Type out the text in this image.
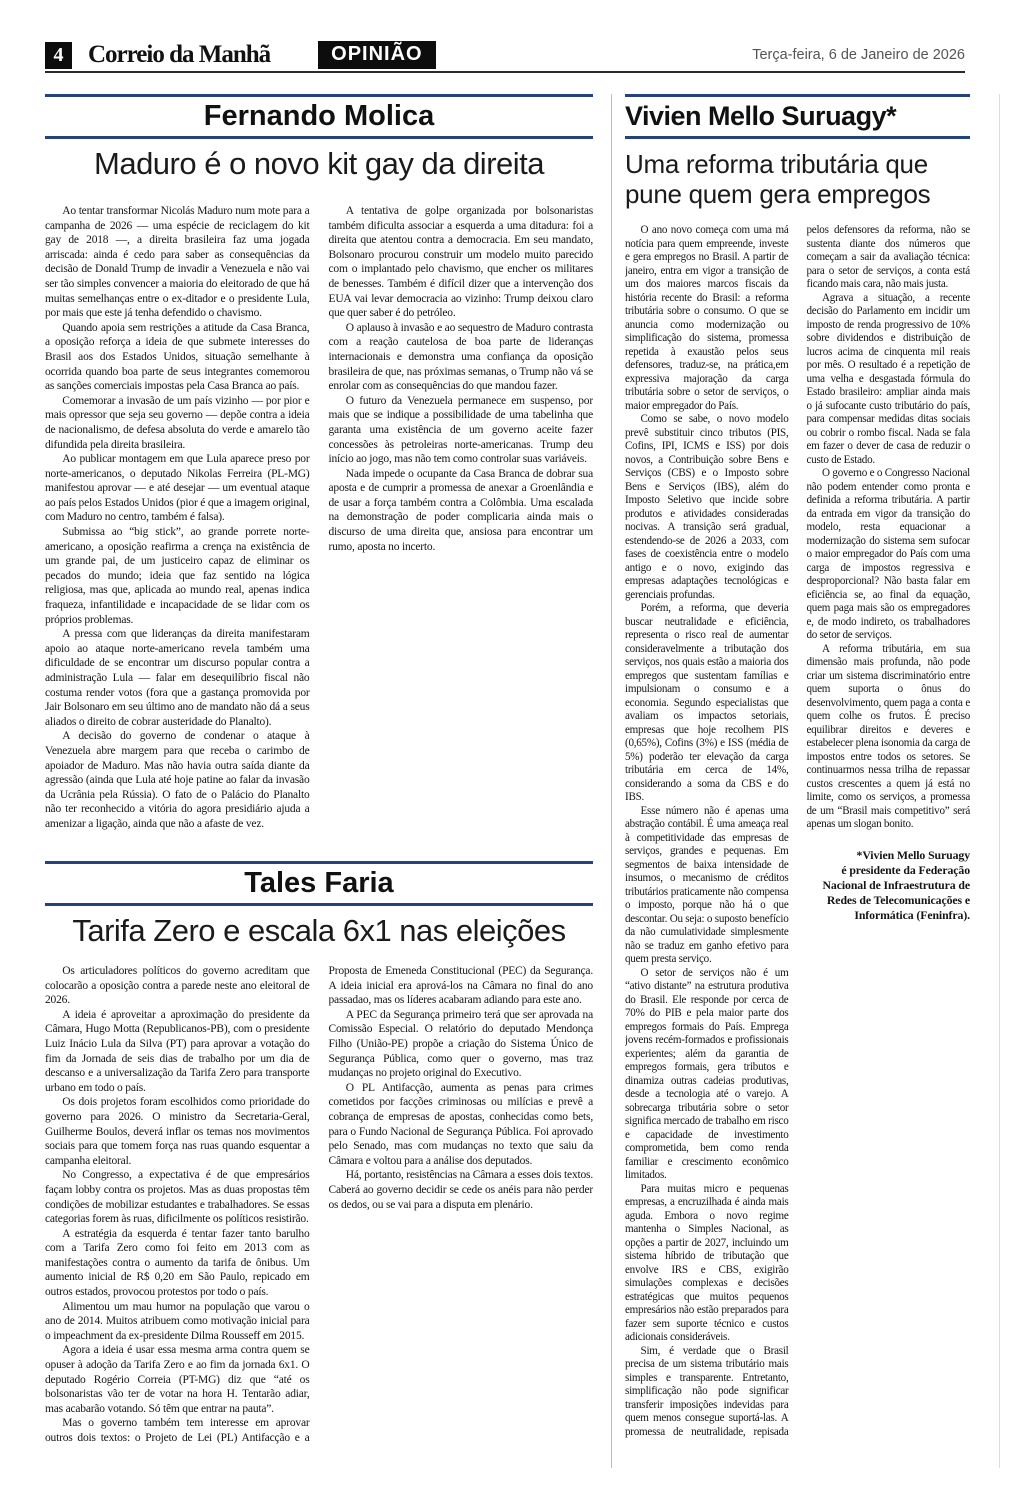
4 Correio da Manhã	OPINIÃO	Terça-feira, 6 de Janeiro de 2026
Fernando Molica
Maduro é o novo kit gay da direita

Ao tentar transformar Nicolás Maduro num mote para a campanha de 2026 — uma espécie de reciclagem do kit gay de 2018 —, a direita brasileira faz uma jogada arriscada: ainda é cedo para saber as consequências da decisão de Donald Trump de invadir a Venezuela e não vai ser tão simples convencer a maioria do eleitorado de que há muitas semelhanças entre o ex-ditador e o presidente Lula, por mais que este já tenha defendido o chavismo.

Quando apoia sem restrições a atitude da Casa Branca, a oposição reforça a ideia de que submete interesses do Brasil aos dos Estados Unidos, situação semelhante à ocorrida quando boa parte de seus integrantes comemorou as sanções comerciais impostas pela Casa Branca ao país.

Comemorar a invasão de um país vizinho — por pior e mais opressor que seja seu governo — depõe contra a ideia de nacionalismo, de defesa absoluta do verde e amarelo tão difundida pela direita brasileira.

Ao publicar montagem em que Lula aparece preso por norte-americanos, o deputado Nikolas Ferreira (PL-MG) manifestou aprovar — e até desejar — um eventual ataque ao país pelos Estados Unidos (pior é que a imagem original, com Maduro no centro, também é falsa).

Submissa ao “big stick”, ao grande porrete norte-americano, a oposição reafirma a crença na existência de um grande pai, de um justiceiro capaz de eliminar os pecados do mundo; ideia que faz sentido na lógica religiosa, mas que, aplicada ao mundo real, apenas indica fraqueza, infantilidade e incapacidade de se lidar com os próprios problemas.

A pressa com que lideranças da direita manifestaram apoio ao ataque norte-americano revela também uma dificuldade de se encontrar um discurso popular contra a administração Lula — falar em desequilíbrio fiscal não costuma render votos (fora que a gastança promovida por Jair Bolsonaro em seu último ano de mandato não dá a seus aliados o direito de cobrar austeridade do Planalto).

A decisão do governo de condenar o ataque à Venezuela abre margem para que receba o carimbo de apoiador de Maduro. Mas não havia outra saída diante da agressão (ainda que Lula até hoje patine ao falar da invasão da Ucrânia pela Rússia). O fato de o Palácio do Planalto não ter reconhecido a vitória do agora presidiário ajuda a amenizar a ligação, ainda que não a afaste de vez.

A tentativa de golpe organizada por bolsonaristas também dificulta associar a esquerda a uma ditadura: foi a direita que atentou contra a democracia. Em seu mandato, Bolsonaro procurou construir um modelo muito parecido com o implantado pelo chavismo, que encher os militares de benesses. Também é difícil dizer que a intervenção dos EUA vai levar democracia ao vizinho: Trump deixou claro que quer saber é do petróleo.

O aplauso à invasão e ao sequestro de Maduro contrasta com a reação cautelosa de boa parte de lideranças internacionais e demonstra uma confiança da oposição brasileira de que, nas próximas semanas, o Trump não vá se enrolar com as consequências do que mandou fazer.

O futuro da Venezuela permanece em suspenso, por mais que se indique a possibilidade de uma tabelinha que garanta uma existência de um governo aceite fazer concessões às petroleiras norte-americanas. Trump deu início ao jogo, mas não tem como controlar suas variáveis.

Nada impede o ocupante da Casa Branca de dobrar sua aposta e de cumprir a promessa de anexar a Groenlândia e de usar a força também contra a Colômbia. Uma escalada na demonstração de poder complicaria ainda mais o discurso de uma direita que, ansiosa para encontrar um rumo, aposta no incerto.

Tales Faria
Tarifa Zero e escala 6x1 nas eleições

Os articuladores políticos do governo acreditam que colocarão a oposição contra a parede neste ano eleitoral de 2026.

A ideia é aproveitar a aproximação do presidente da Câmara, Hugo Motta (Republicanos-PB), com o presidente Luiz Inácio Lula da Silva (PT) para aprovar a votação do fim da Jornada de seis dias de trabalho por um dia de descanso e a universalização da Tarifa Zero para transporte urbano em todo o país.

Os dois projetos foram escolhidos como prioridade do governo para 2026. O ministro da Secretaria-Geral, Guilherme Boulos, deverá inflar os temas nos movimentos sociais para que tomem força nas ruas quando esquentar a campanha eleitoral.

No Congresso, a expectativa é de que empresários façam lobby contra os projetos. Mas as duas propostas têm condições de mobilizar estudantes e trabalhadores. Se essas categorias forem às ruas, dificilmente os políticos resistirão.

A estratégia da esquerda é tentar fazer tanto barulho com a Tarifa Zero como foi feito em 2013 com as manifestações contra o aumento da tarifa de ônibus. Um aumento inicial de R$ 0,20 em São Paulo, repicado em outros estados, provocou protestos por todo o país.

Alimentou um mau humor na população que varou o ano de 2014. Muitos atribuem como motivação inicial para o impeachment da ex-presidente Dilma Rousseff em 2015.

Agora a ideia é usar essa mesma arma contra quem se opuser à adoção da Tarifa Zero e ao fim da jornada 6x1. O deputado Rogério Correia (PT-MG) diz que “até os bolsonaristas vão ter de votar na hora H. Tentarão adiar, mas acabarão votando. Só têm que entrar na pauta”.

Mas o governo também tem interesse em aprovar outros dois textos: o Projeto de Lei (PL) Antifacção e a Proposta de Emeneda Constitucional (PEC) da Segurança. A ideia inicial era aprová-los na Câmara no final do ano passadao, mas os líderes acabaram adiando para este ano.

A PEC da Segurança primeiro terá que ser aprovada na Comissão Especial. O relatório do deputado Mendonça Filho (União-PE) propõe a criação do Sistema Único de Segurança Pública, como quer o governo, mas traz mudanças no projeto original do Executivo.

O PL Antifacção, aumenta as penas para crimes cometidos por facções criminosas ou milícias e prevê a cobrança de empresas de apostas, conhecidas como bets, para o Fundo Nacional de Segurança Pública. Foi aprovado pelo Senado, mas com mudanças no texto que saiu da Câmara e voltou para a análise dos deputados.

Há, portanto, resistências na Câmara a esses dois textos. Caberá ao governo decidir se cede os anéis para não perder os dedos, ou se vai para a disputa em plenário.

Vivien Mello Suruagy*
Uma reforma tributária que pune quem gera empregos

O ano novo começa com uma má notícia para quem empreende, investe e gera empregos no Brasil. A partir de janeiro, entra em vigor a transição de um dos maiores marcos fiscais da história recente do Brasil: a reforma tributária sobre o consumo. O que se anuncia como modernização ou simplificação do sistema, promessa repetida à exaustão pelos seus defensores, traduz-se, na prática,em expressiva majoração da carga tributária sobre o setor de serviços, o maior empregador do País.

Como se sabe, o novo modelo prevê substituir cinco tributos (PIS, Cofins, IPI, ICMS e ISS) por dois novos, a Contribuição sobre Bens e Serviços (CBS) e o Imposto sobre Bens e Serviços (IBS), além do Imposto Seletivo que incide sobre produtos e atividades consideradas nocivas. A transição será gradual, estendendo-se de 2026 a 2033, com fases de coexistência entre o modelo antigo e o novo, exigindo das empresas adaptações tecnológicas e gerenciais profundas.

Porém, a reforma, que deveria buscar neutralidade e eficiência, representa o risco real de aumentar consideravelmente a tributação dos serviços, nos quais estão a maioria dos empregos que sustentam famílias e impulsionam o consumo e a economia. Segundo especialistas que avaliam os impactos setoriais, empresas que hoje recolhem PIS (0,65%), Cofins (3%) e ISS (média de 5%) poderão ter elevação da carga tributária em cerca de 14%, considerando a soma da CBS e do IBS.

Esse número não é apenas uma abstração contábil. É uma ameaça real à competitividade das empresas de serviços, grandes e pequenas. Em segmentos de baixa intensidade de insumos, o mecanismo de créditos tributários praticamente não compensa o imposto, porque não há o que descontar. Ou seja: o suposto benefício da não cumulatividade simplesmente não se traduz em ganho efetivo para quem presta serviço.

O setor de serviços não é um “ativo distante” na estrutura produtiva do Brasil. Ele responde por cerca de 70% do PIB e pela maior parte dos empregos formais do País. Emprega jovens recém-formados e profissionais experientes; além da garantia de empregos formais, gera tributos e dinamiza outras cadeias produtivas, desde a tecnologia até o varejo. A sobrecarga tributária sobre o setor significa mercado de trabalho em risco e capacidade de investimento comprometida, bem como renda familiar e crescimento econômico limitados.

Para muitas micro e pequenas empresas, a encruzilhada é ainda mais aguda. Embora o novo regime mantenha o Simples Nacional, as opções a partir de 2027, incluindo um sistema híbrido de tributação que envolve IRS e CBS, exigirão simulações complexas e decisões estratégicas que muitos pequenos empresários não estão preparados para fazer sem suporte técnico e custos adicionais consideráveis.

Sim, é verdade que o Brasil precisa de um sistema tributário mais simples e transparente. Entretanto, simplificação não pode significar transferir imposições indevidas para quem menos consegue suportá-las. A promessa de neutralidade, repisada pelos defensores da reforma, não se sustenta diante dos números que começam a sair da avaliação técnica: para o setor de serviços, a conta está ficando mais cara, não mais justa.

Agrava a situação, a recente decisão do Parlamento em incidir um imposto de renda progressivo de 10% sobre dividendos e distribuição de lucros acima de cinquenta mil reais por mês. O resultado é a repetição de uma velha e desgastada fórmula do Estado brasileiro: ampliar ainda mais o já sufocante custo tributário do país, para compensar medidas ditas sociais ou cobrir o rombo fiscal. Nada se fala em fazer o dever de casa de reduzir o custo de Estado.

O governo e o Congresso Nacional não podem entender como pronta e definida a reforma tributária. A partir da entrada em vigor da transição do modelo, resta equacionar a modernização do sistema sem sufocar o maior empregador do País com uma carga de impostos regressiva e desproporcional? Não basta falar em eficiência se, ao final da equação, quem paga mais são os empregadores e, de modo indireto, os trabalhadores do setor de serviços.

A reforma tributária, em sua dimensão mais profunda, não pode criar um sistema discriminatório entre quem suporta o ônus do desenvolvimento, quem paga a conta e quem colhe os frutos. É preciso equilibrar direitos e deveres e estabelecer plena isonomia da carga de impostos entre todos os setores. Se continuarmos nessa trilha de repassar custos crescentes a quem já está no limite, como os serviços, a promessa de um “Brasil mais competitivo” será apenas um slogan bonito.

*Vivien Mello Suruagy
é presidente da Federação
Nacional de Infraestrutura de
Redes de Telecomunicações e
Informática (Feninfra).
